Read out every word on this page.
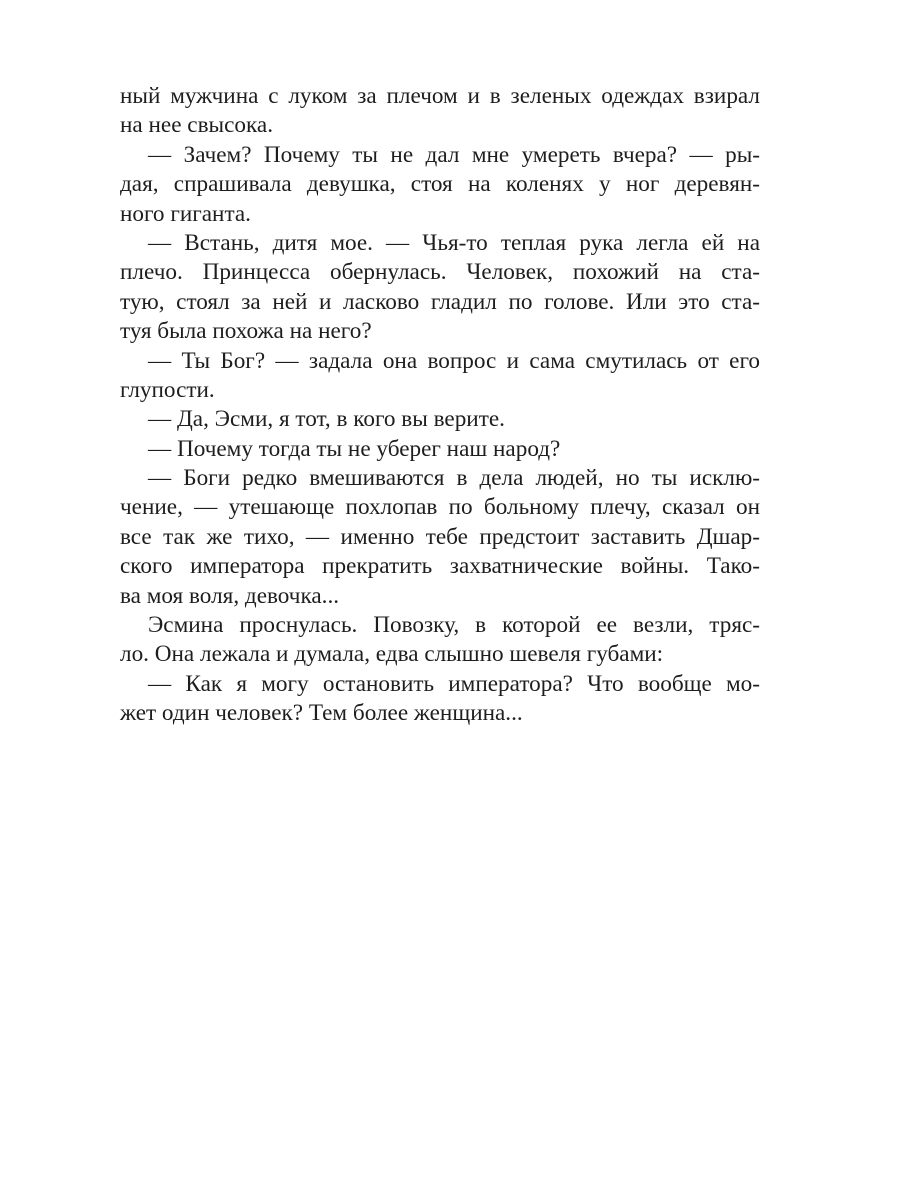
ный мужчина с луком за плечом и в зеленых одеждах взирал
на нее свысока.
— Зачем? Почему ты не дал мне умереть вчера? — ры-
дая, спрашивала девушка, стоя на коленях у ног деревян-
ного гиганта.
— Встань, дитя мое. — Чья-то теплая рука легла ей на
плечо. Принцесса обернулась. Человек, похожий на ста-
тую, стоял за ней и ласково гладил по голове. Или это ста-
туя была похожа на него?
— Ты Бог? — задала она вопрос и сама смутилась от его
глупости.
— Да, Эсми, я тот, в кого вы верите.
— Почему тогда ты не уберег наш народ?
— Боги редко вмешиваются в дела людей, но ты исклю-
чение, — утешающе похлопав по больному плечу, сказал он
все так же тихо, — именно тебе предстоит заставить Дшар-
ского императора прекратить захватнические войны. Тако-
ва моя воля, девочка...
Эсмина проснулась. Повозку, в которой ее везли, тряс-
ло. Она лежала и думала, едва слышно шевеля губами:
— Как я могу остановить императора? Что вообще мо-
жет один человек? Тем более женщина...
